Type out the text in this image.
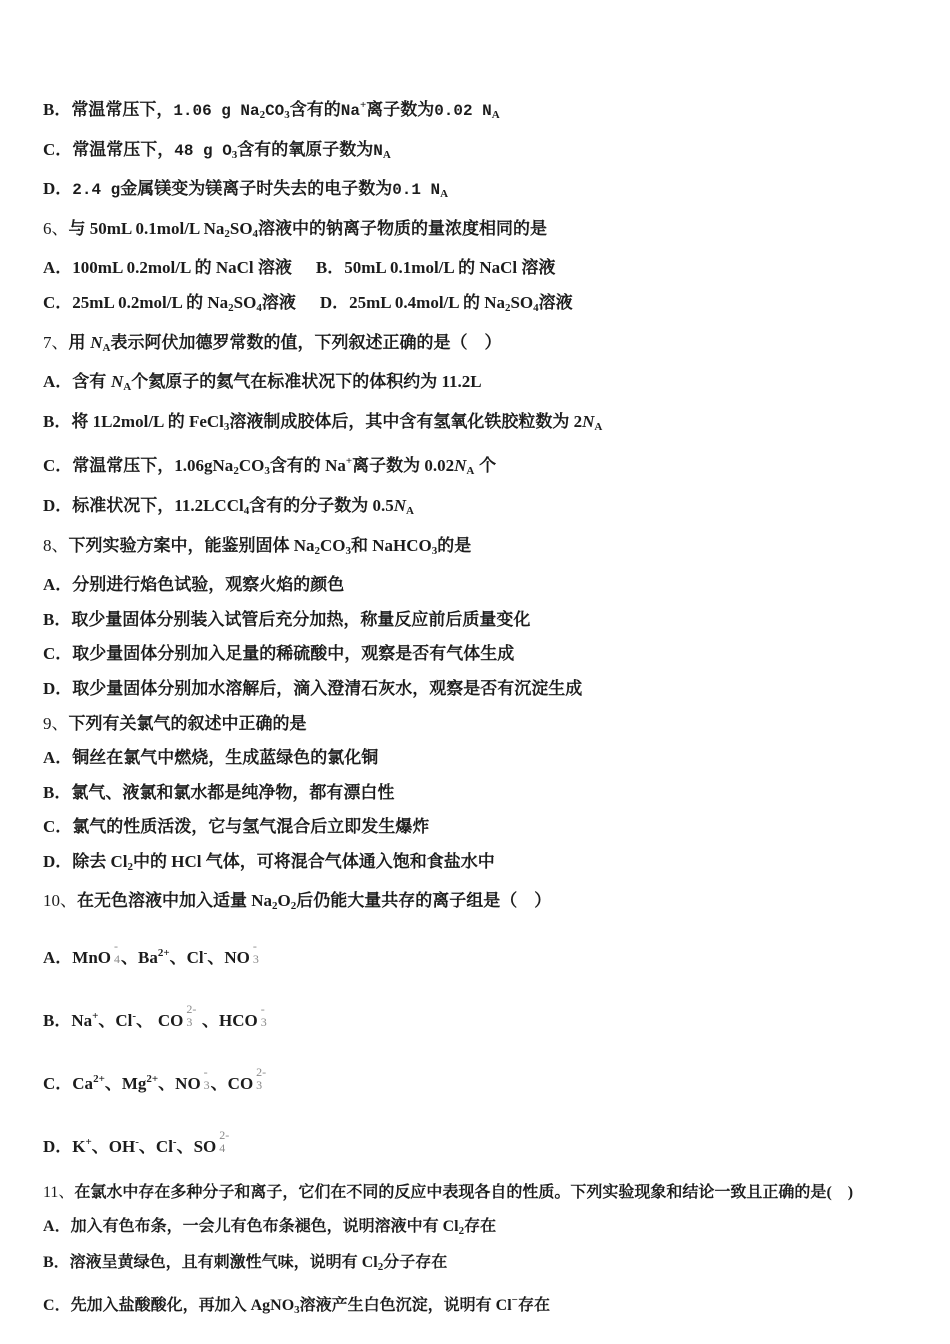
B．常温常压下，1.06 g $Na_2CO_3$含有的Na+离子数为0.02 $N_A$
C．常温常压下，48 g $O_3$含有的氧原子数为$N_A$
D．2.4 g金属镁变为镁离子时失去的电子数为0.1 $N_A$
6、与 50mL 0.1mol/L $Na_2SO_4$溶液中的钠离子物质的量浓度相同的是
A．100mL 0.2mol/L 的 NaCl 溶液 B．50mL 0.1mol/L 的 NaCl 溶液
C．25mL 0.2mol/L 的 $Na_2SO_4$溶液 D．25mL 0.4mol/L 的 $Na_2SO_4$溶液
7、用 $N_A$表示阿伏加德罗常数的值，下列叙述正确的是（　）
A．含有 $N_A$个氦原子的氦气在标准状况下的体积约为 11.2L
B．将 1L2mol/L 的 FeCl$_3$溶液制成胶体后，其中含有氢氧化铁胶粒数为 $2N_A$
C．常温常压下，$1.06gNa_2CO_3$含有的 Na+离子数为 $0.02N_A$ 个
D．标准状况下，11.2LCCl$_4$含有的分子数为 $0.5N_A$
8、下列实验方案中，能鉴别固体 $Na_2CO_3$和 NaHCO$_3$的是
A．分别进行焰色试验，观察火焰的颜色
B．取少量固体分别装入试管后充分加热，称量反应前后质量变化
C．取少量固体分别加入足量的稀硫酸中，观察是否有气体生成
D．取少量固体分别加水溶解后，滴入澄清石灰水，观察是否有沉淀生成
9、下列有关氯气的叙述中正确的是
A．铜丝在氯气中燃烧，生成蓝绿色的氯化铜
B．氯气、液氯和氯水都是纯净物，都有漂白性
C．氯气的性质活泼，它与氢气混合后立即发生爆炸
D．除去 $Cl_2$中的 HCl 气体，可将混合气体通入饱和食盐水中
10、在无色溶液中加入适量 $Na_2O_2$后仍能大量共存的离子组是（　）
A．MnO
-
4 、$Ba^{2+}$、Cl-、NO
-
3
B．Na+、Cl-、 CO
2-
3 、HCO
-
3
C．$Ca^{2+}$、$Mg^{2+}$、NO
-
3 、CO
2-
3
D．K+、OH-、Cl-、SO
2-
4
11、在氯水中存在多种分子和离子，它们在不同的反应中表现各自的性质。下列实验现象和结论一致且正确的是(　)
A．加入有色布条，一会儿有色布条褪色，说明溶液中有 $Cl_2$存在
B．溶液呈黄绿色，且有刺激性气味，说明有 $Cl_2$分子存在
C．先加入盐酸酸化，再加入 AgNO$_3$溶液产生白色沉淀，说明有 Cl−存在
